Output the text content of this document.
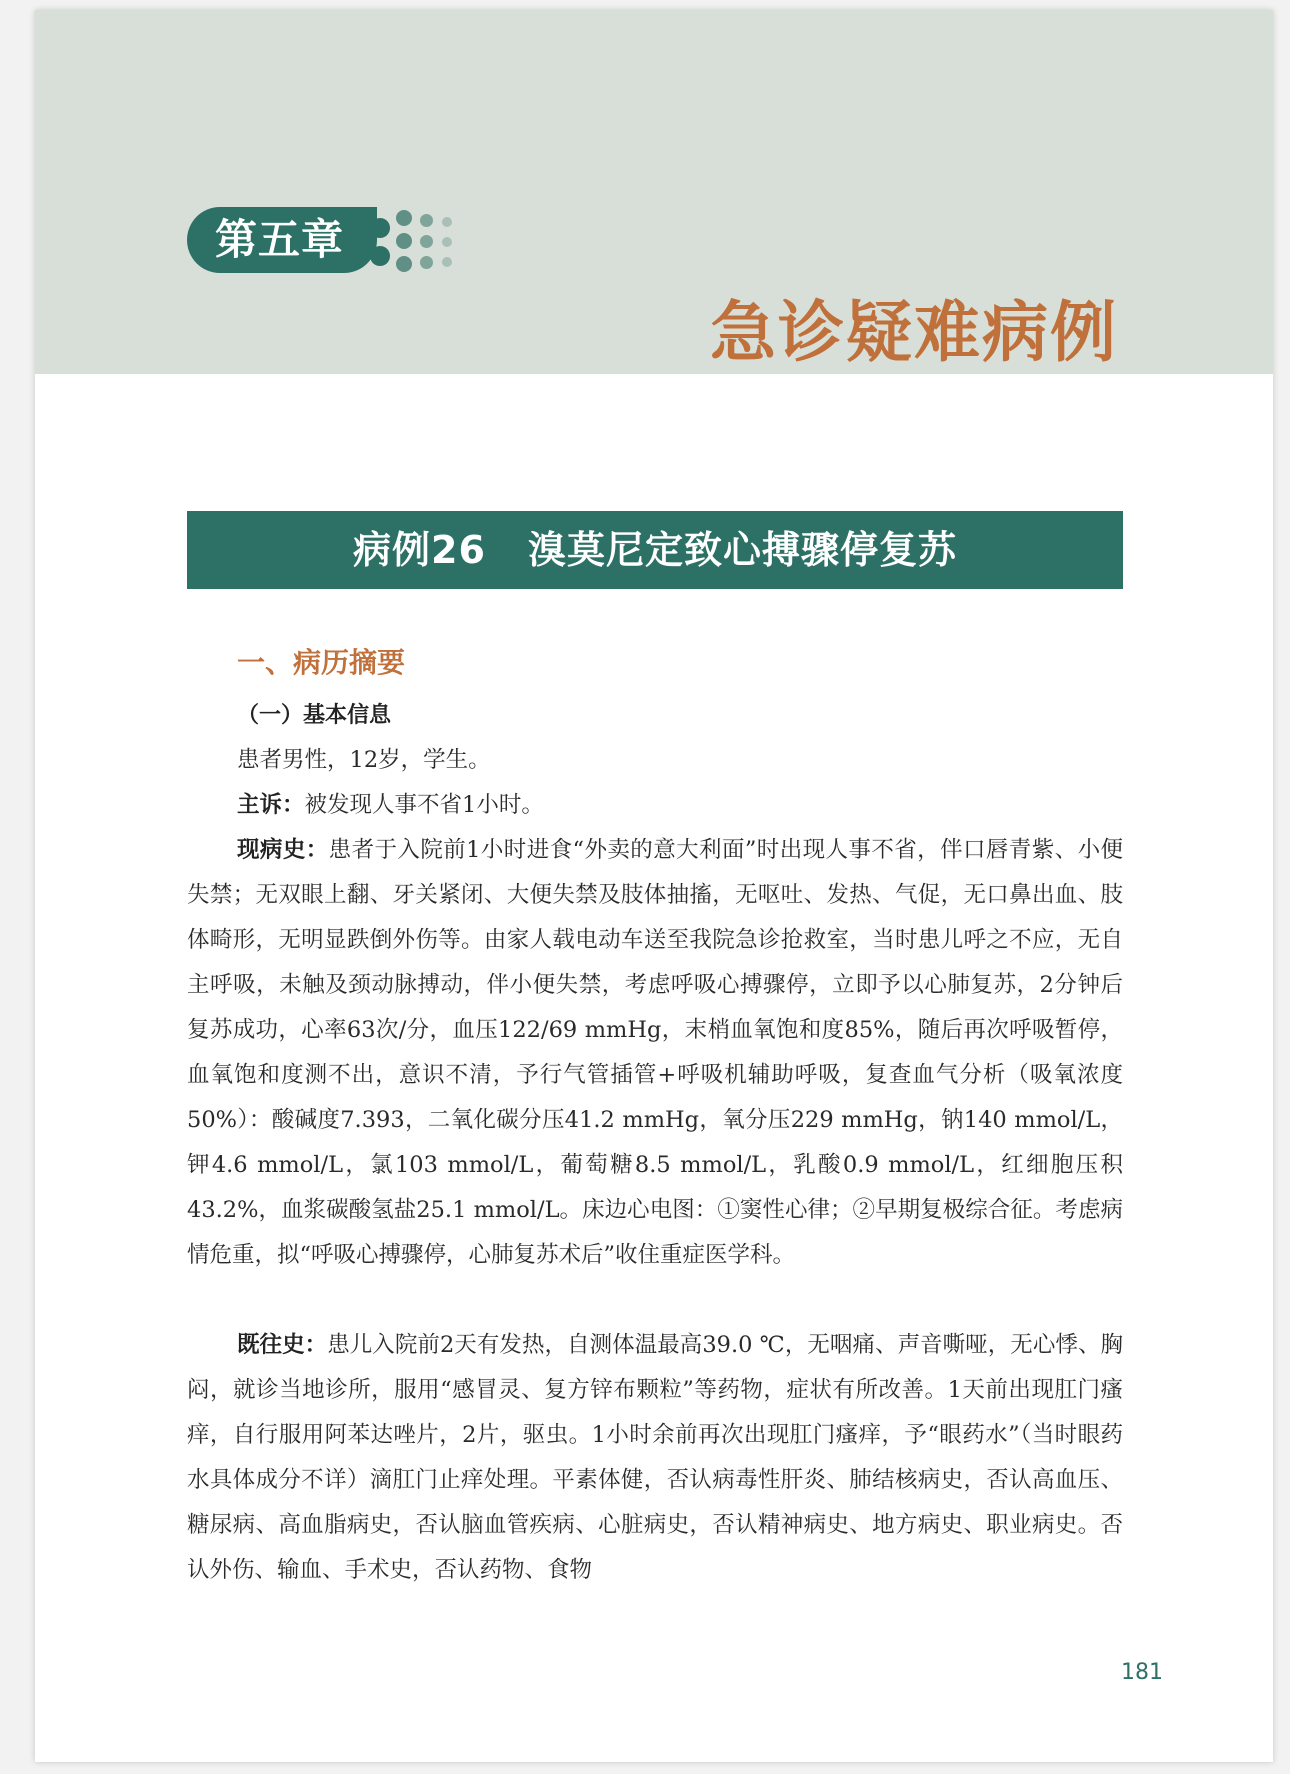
第五章
急诊疑难病例
病例26 溴莫尼定致心搏骤停复苏
一、病历摘要
（一）基本信息

患者男性，12岁，学生。

主诉：被发现人事不省1小时。

现病史：患者于入院前1小时进食“外卖的意大利面”时出现人事不省，伴口唇青紫、小便失禁；无双眼上翻、牙关紧闭、大便失禁及肢体抽搐，无呕吐、发热、气促，无口鼻出血、肢体畸形，无明显跌倒外伤等。由家人载电动车送至我院急诊抢救室，当时患儿呼之不应，无自主呼吸，未触及颈动脉搏动，伴小便失禁，考虑呼吸心搏骤停，立即予以心肺复苏，2分钟后复苏成功，心率63次/分，血压122/69 mmHg，末梢血氧饱和度85%，随后再次呼吸暂停，血氧饱和度测不出，意识不清，予行气管插管+呼吸机辅助呼吸，复查血气分析（吸氧浓度50%）：酸碱度7.393，二氧化碳分压41.2 mmHg，氧分压229 mmHg，钠140 mmol/L，钾4.6 mmol/L，氯103 mmol/L，葡萄糖8.5 mmol/L，乳酸0.9 mmol/L，红细胞压积43.2%，血浆碳酸氢盐25.1 mmol/L。床边心电图：①窦性心律；②早期复极综合征。考虑病情危重，拟“呼吸心搏骤停，心肺复苏术后”收住重症医学科。

既往史：患儿入院前2天有发热，自测体温最高39.0 ℃，无咽痛、声音嘶哑，无心悸、胸闷，就诊当地诊所，服用“感冒灵、复方锌布颗粒”等药物，症状有所改善。1天前出现肛门瘙痒，自行服用阿苯达唑片，2片，驱虫。1小时余前再次出现肛门瘙痒，予“眼药水”（当时眼药水具体成分不详）滴肛门止痒处理。平素体健，否认病毒性肝炎、肺结核病史，否认高血压、糖尿病、高血脂病史，否认脑血管疾病、心脏病史，否认精神病史、地方病史、职业病史。否认外伤、输血、手术史，否认药物、食物

181
